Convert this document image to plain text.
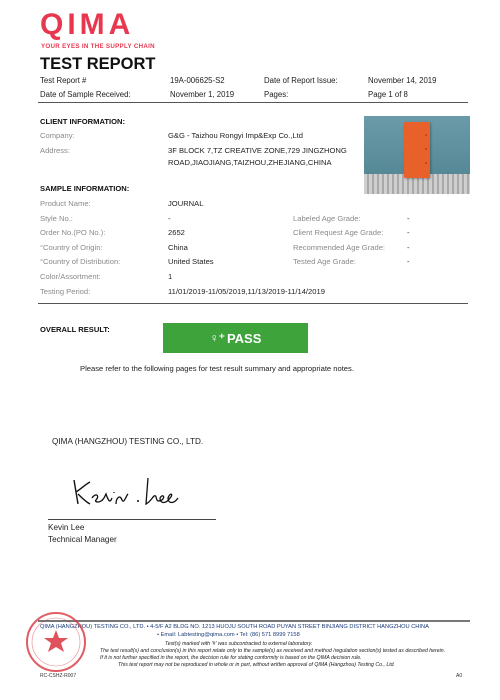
QIMA
YOUR EYES IN THE SUPPLY CHAIN
TEST REPORT
Test Report #	19A-006625-S2	Date of Report Issue:	November 14, 2019
Date of Sample Received:	November 1, 2019	Pages:	Page 1 of 8
CLIENT INFORMATION:
Company:	G&G - Taizhou Rongyi Imp&Exp Co.,Ltd
Address:	3F BLOCK 7,TZ CREATIVE ZONE,729 JINGZHONG
ROAD,JIAOJIANG,TAIZHOU,ZHEJIANG,CHINA
SAMPLE INFORMATION:
Product Name:	JOURNAL
Style No.:	-	Labeled Age Grade:	-
Order No.(PO No.):	2652	Client Request Age Grade:	-
°Country of Origin:	China	Recommended Age Grade:	-
°Country of Distribution:	United States	Tested Age Grade:	-
Color/Assortment:	1
Testing Period:	11/01/2019-11/05/2019,11/13/2019-11/14/2019
OVERALL RESULT:
♀⁺ PASS
Please refer to the following pages for test result summary and appropriate notes.
QIMA (HANGZHOU) TESTING CO., LTD.
Kevin Lee
Technical Manager
QIMA (HANGZHOU) TESTING CO., LTD. • 4-5/F A2 BLDG NO. 1213 HUOJU SOUTH ROAD PUYAN STREET BINJIANG DISTRICT HANGZHOU CHINA
• Email: Labtesting@qima.com • Tel: (86) 571 8999 7158
Test(s) marked with '#' was subcontracted to external laboratory.
The test result(s) and conclusion(s) in this report relate only to the sample(s) as received and method /regulation section(s) tested as described herein.
If it is not further specified in the report, the decision rule for stating conformity is based on the QIMA decision rule.
This test report may not be reproduced in whole or in part, without written approval of QIMA (Hangzhou) Testing Co., Ltd.
RC-CSHZ-R007	A0
